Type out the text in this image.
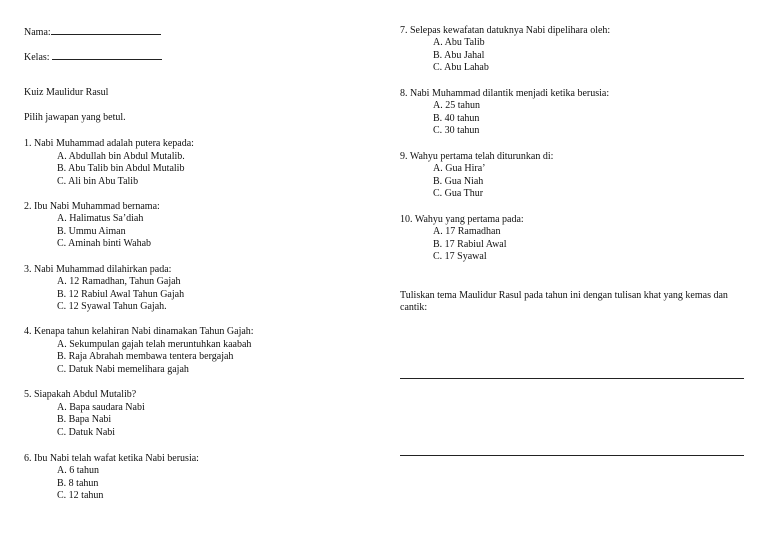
Nama:
Kelas:
Kuiz Maulidur Rasul
Pilih jawapan yang betul.
1. Nabi Muhammad adalah putera kepada:
A. Abdullah bin Abdul Mutalib.
B. Abu Talib bin Abdul Mutalib
C. Ali bin Abu Talib
2. Ibu Nabi Muhammad bernama:
A. Halimatus Sa’diah
B. Ummu Aiman
C. Aminah binti Wahab
3. Nabi Muhammad dilahirkan pada:
A. 12 Ramadhan, Tahun Gajah
B. 12 Rabiul Awal Tahun Gajah
C. 12 Syawal Tahun Gajah.
4. Kenapa tahun kelahiran Nabi dinamakan Tahun Gajah:
A. Sekumpulan gajah telah meruntuhkan kaabah
B. Raja Abrahah membawa tentera bergajah
C. Datuk Nabi memelihara gajah
5. Siapakah Abdul Mutalib?
A. Bapa saudara Nabi
B. Bapa Nabi
C. Datuk Nabi
6. Ibu Nabi telah wafat ketika Nabi berusia:
A. 6 tahun
B. 8 tahun
C. 12 tahun
7. Selepas kewafatan datuknya Nabi dipelihara oleh:
A. Abu Talib
B. Abu Jahal
C. Abu Lahab
8. Nabi Muhammad dilantik menjadi ketika berusia:
A. 25 tahun
B. 40 tahun
C. 30 tahun
9. Wahyu pertama telah diturunkan di:
A. Gua Hira’
B. Gua Niah
C. Gua Thur
10. Wahyu yang pertama pada:
A. 17 Ramadhan
B. 17 Rabiul Awal
C. 17 Syawal
Tuliskan tema Maulidur Rasul pada tahun ini dengan tulisan khat yang kemas dan cantik:
